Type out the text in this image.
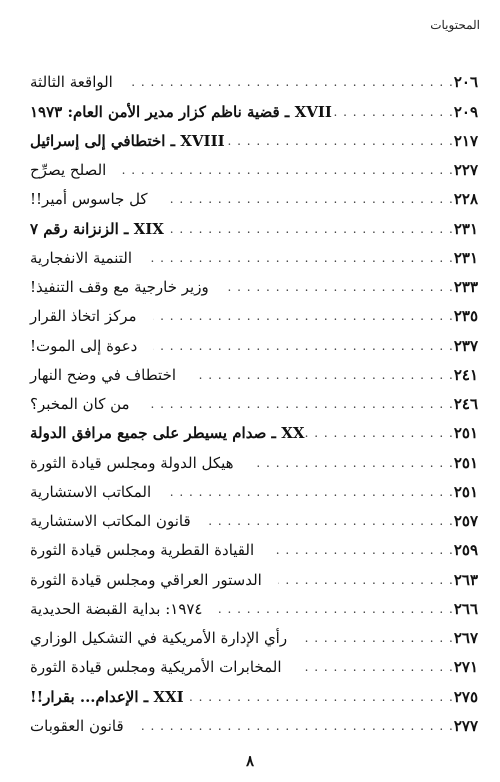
المحتويات
الواقعة الثالثة . . .	٢٠٦
XVII ـ قضية ناظم كزار مدير الأمن العام: ١٩٧٣ . . .	٢٠٩
XVIII ـ اختطافي إلى إسرائيل . . .	٢١٧
الصلح يصرِّح . . .	٢٢٧
كل جاسوس أمير!! . . .	٢٢٨
XIX ـ الزنزانة رقم ٧ . . .	٢٣١
التنمية الانفجارية . . .	٢٣١
وزير خارجية مع وقف التنفيذ! . . .	٢٣٣
مركز اتخاذ القرار . . .	٢٣٥
دعوة إلى الموت! . . .	٢٣٧
اختطاف في وضح النهار . . .	٢٤١
من كان المخبر؟ . . .	٢٤٦
XX ـ صدام يسيطر على جميع مرافق الدولة . . .	٢٥١
هيكل الدولة ومجلس قيادة الثورة . . .	٢٥١
المكاتب الاستشارية . . .	٢٥١
قانون المكاتب الاستشارية . . .	٢٥٧
القيادة القطرية ومجلس قيادة الثورة . . .	٢٥٩
الدستور العراقي ومجلس قيادة الثورة . . .	٢٦٣
١٩٧٤: بداية القبضة الحديدية . . .	٢٦٦
رأي الإدارة الأمريكية في التشكيل الوزاري . . .	٢٦٧
المخابرات الأمريكية ومجلس قيادة الثورة . . .	٢٧١
XXI ـ الإعدام... بقرار!! . . .	٢٧٥
قانون العقوبات . . .	٢٧٧
٨
